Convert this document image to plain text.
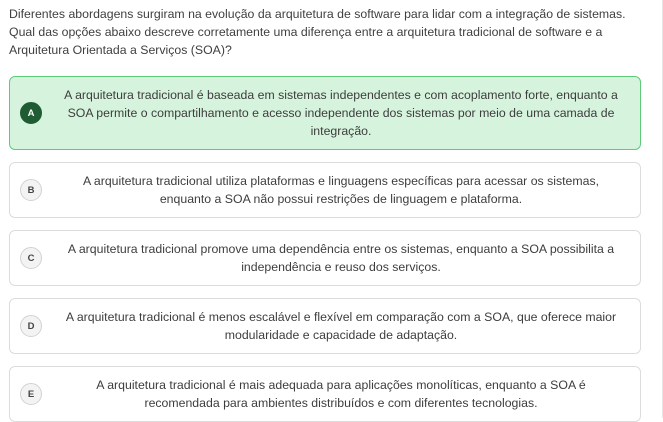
Diferentes abordagens surgiram na evolução da arquitetura de software para lidar com a integração de sistemas. Qual das opções abaixo descreve corretamente uma diferença entre a arquitetura tradicional de software e a Arquitetura Orientada a Serviços (SOA)?
A
A arquitetura tradicional é baseada em sistemas independentes e com acoplamento forte, enquanto a SOA permite o compartilhamento e acesso independente dos sistemas por meio de uma camada de integração.
B
A arquitetura tradicional utiliza plataformas e linguagens específicas para acessar os sistemas, enquanto a SOA não possui restrições de linguagem e plataforma.
C
A arquitetura tradicional promove uma dependência entre os sistemas, enquanto a SOA possibilita a independência e reuso dos serviços.
D
A arquitetura tradicional é menos escalável e flexível em comparação com a SOA, que oferece maior modularidade e capacidade de adaptação.
E
A arquitetura tradicional é mais adequada para aplicações monolíticas, enquanto a SOA é recomendada para ambientes distribuídos e com diferentes tecnologias.
